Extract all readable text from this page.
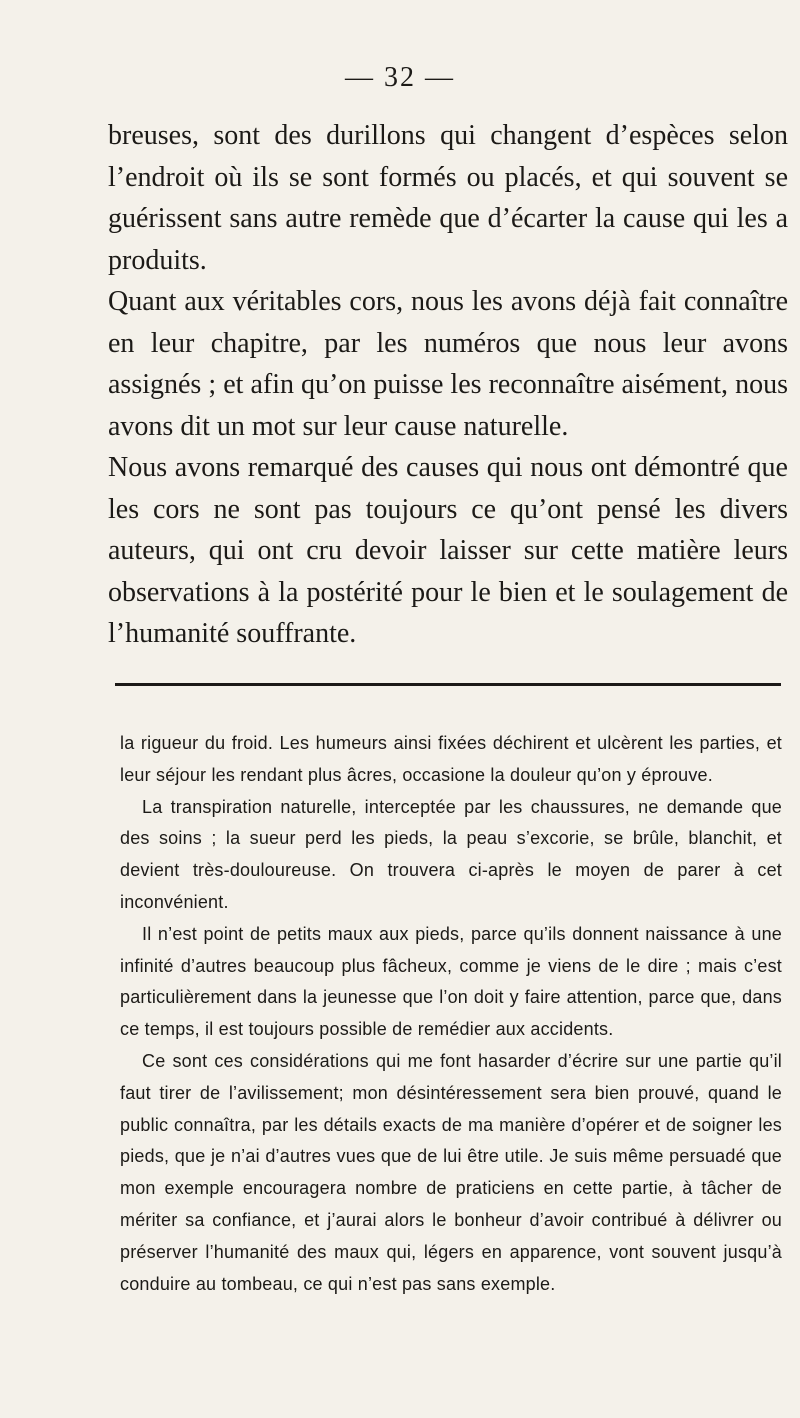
— 32 —

breuses, sont des durillons qui changent d’espèces selon l’endroit où ils se sont formés ou placés, et qui souvent se guérissent sans autre remède que d’écarter la cause qui les a produits.

Quant aux véritables cors, nous les avons déjà fait connaître en leur chapitre, par les numéros que nous leur avons assignés ; et afin qu’on puisse les reconnaître aisément, nous avons dit un mot sur leur cause naturelle.

Nous avons remarqué des causes qui nous ont démontré que les cors ne sont pas toujours ce qu’ont pensé les divers auteurs, qui ont cru devoir laisser sur cette matière leurs observations à la postérité pour le bien et le soulagement de l’humanité souffrante.

la rigueur du froid. Les humeurs ainsi fixées déchirent et ulcèrent les parties, et leur séjour les rendant plus âcres, occasione la douleur qu’on y éprouve.

La transpiration naturelle, interceptée par les chaussures, ne demande que des soins ; la sueur perd les pieds, la peau s’excorie, se brûle, blanchit, et devient très-douloureuse. On trouvera ci-après le moyen de parer à cet inconvénient.

Il n’est point de petits maux aux pieds, parce qu’ils donnent naissance à une infinité d’autres beaucoup plus fâcheux, comme je viens de le dire ; mais c’est particulièrement dans la jeunesse que l’on doit y faire attention, parce que, dans ce temps, il est toujours possible de remédier aux accidents.

Ce sont ces considérations qui me font hasarder d’écrire sur une partie qu’il faut tirer de l’avilissement; mon désintéressement sera bien prouvé, quand le public connaîtra, par les détails exacts de ma manière d’opérer et de soigner les pieds, que je n’ai d’autres vues que de lui être utile. Je suis même persuadé que mon exemple encouragera nombre de praticiens en cette partie, à tâcher de mériter sa confiance, et j’aurai alors le bonheur d’avoir contribué à délivrer ou préserver l’humanité des maux qui, légers en apparence, vont souvent jusqu’à conduire au tombeau, ce qui n’est pas sans exemple.
